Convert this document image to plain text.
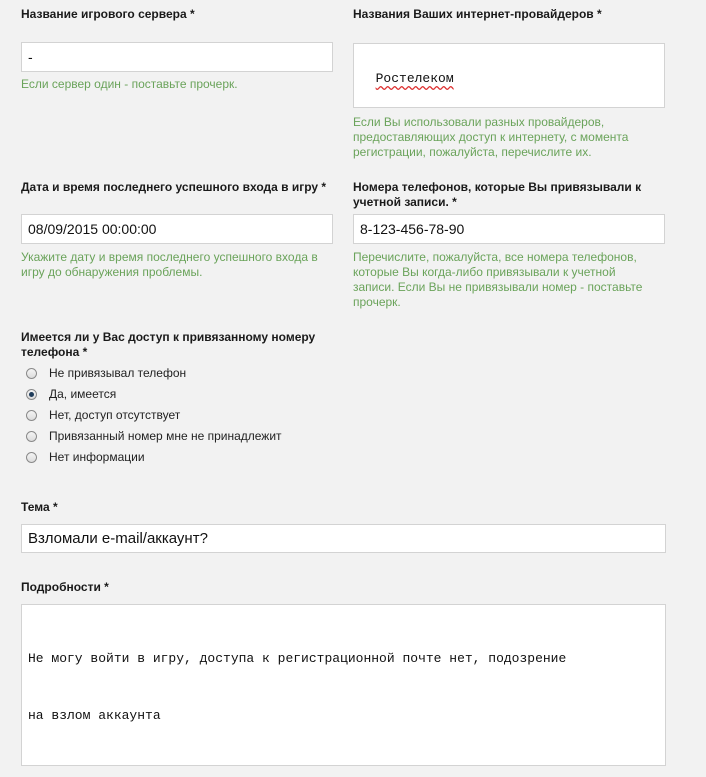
Название игрового сервера *
-
Если сервер один - поставьте прочерк.
Названия Ваших интернет-провайдеров *

Ростелеком

Если Вы использовали разных провайдеров,
предоставляющих доступ к интернету, с момента
регистрации, пожалуйста, перечислите их.
Дата и время последнего успешного входа в игру *
08/09/2015 00:00:00
Укажите дату и время последнего успешного входа в
игру до обнаружения проблемы.
Номера телефонов, которые Вы привязывали к
учетной записи. *
8-123-456-78-90
Перечислите, пожалуйста, все номера телефонов,
которые Вы когда-либо привязывали к учетной
записи. Если Вы не привязывали номер - поставьте
прочерк.
Имеется ли у Вас доступ к привязанному номеру
телефона *
Не привязывал телефон
Да, имеется
Нет, доступ отсутствует
Привязанный номер мне не принадлежит
Нет информации
Тема *
Взломали e-mail/аккаунт?
Подробности *

Не могу войти в игру, доступа к регистрационной почте нет, подозрение

на взлом аккаунта
